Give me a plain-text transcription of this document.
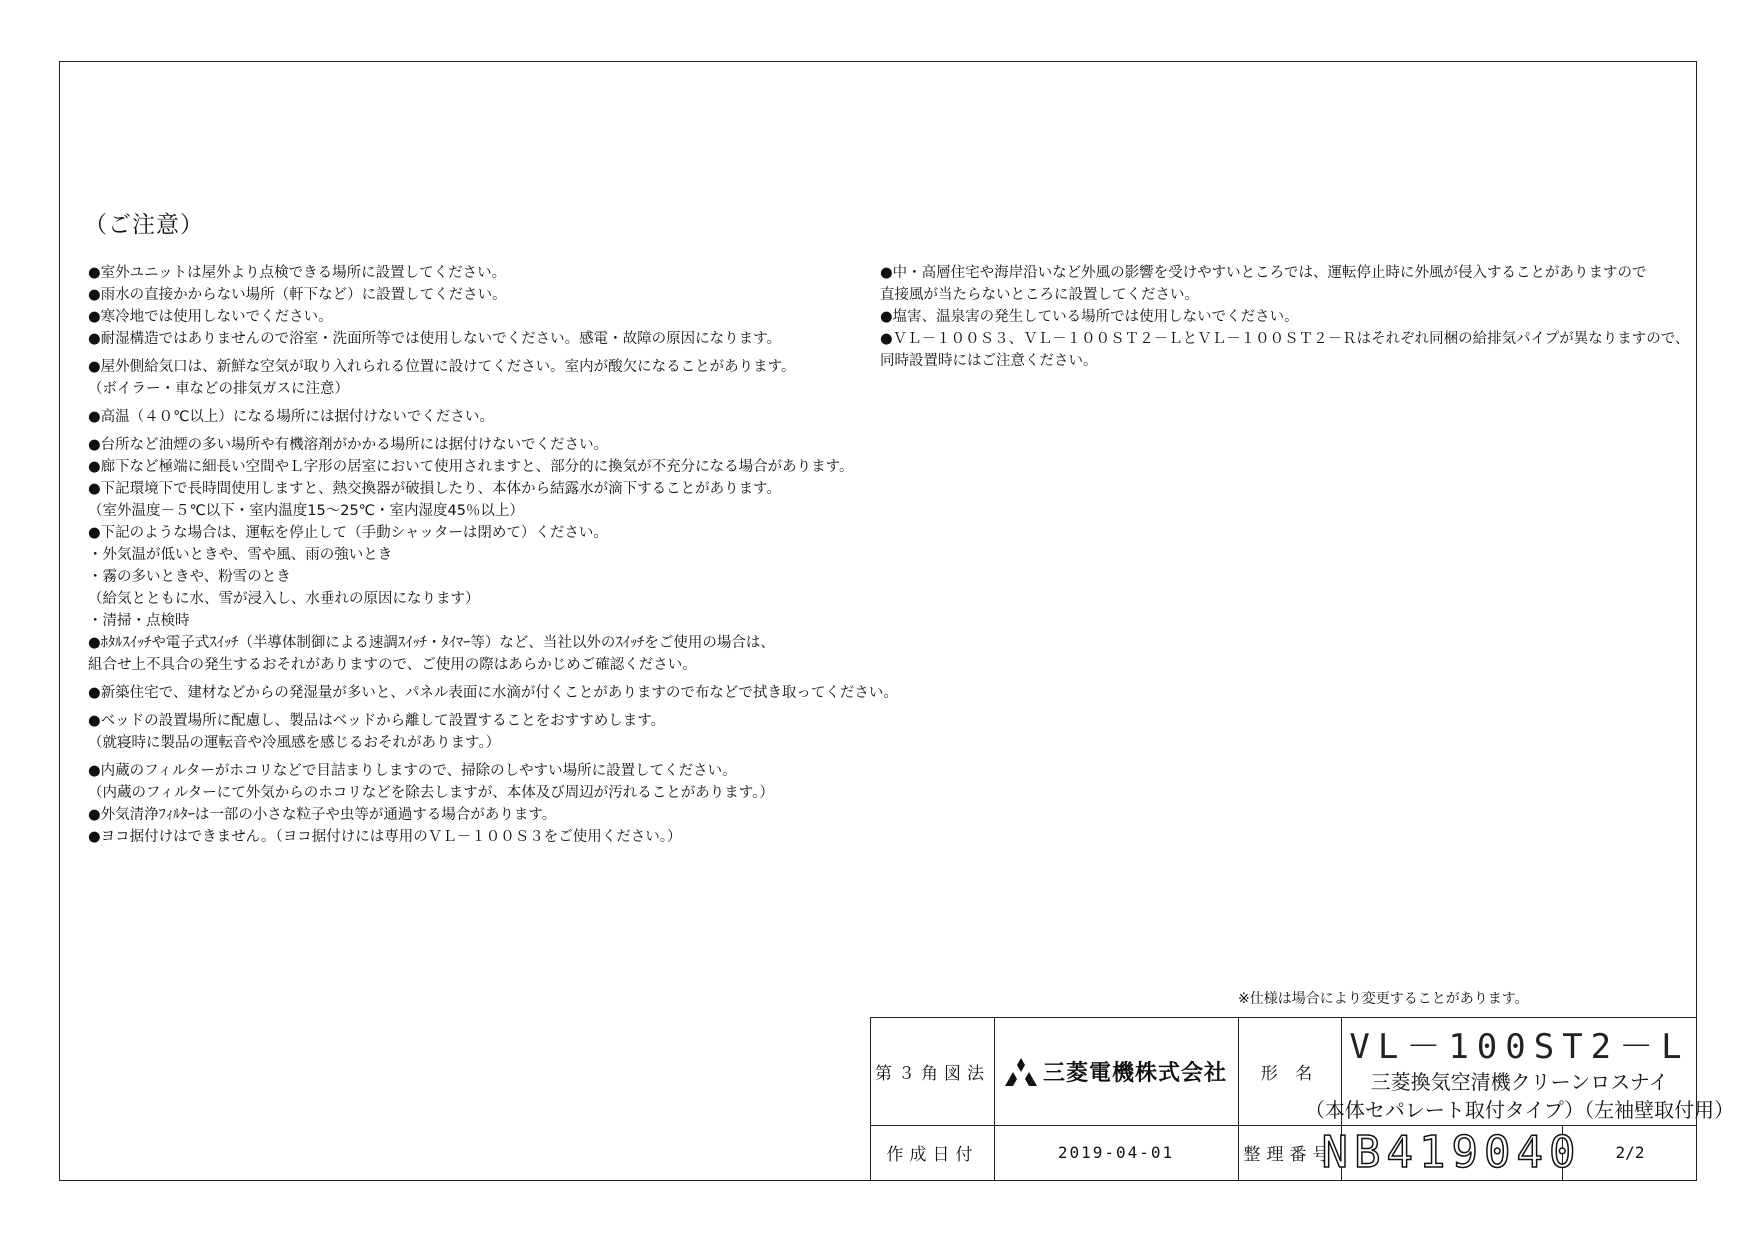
（ご注意）
●室外ユニットは屋外より点検できる場所に設置してください。
●雨水の直接かからない場所（軒下など）に設置してください。
●寒冷地では使用しないでください。
●耐湿構造ではありませんので浴室・洗面所等では使用しないでください。感電・故障の原因になります。
●屋外側給気口は、新鮮な空気が取り入れられる位置に設けてください。室内が酸欠になることがあります。
（ボイラー・車などの排気ガスに注意）
●高温（４０℃以上）になる場所には据付けないでください。
●台所など油煙の多い場所や有機溶剤がかかる場所には据付けないでください。
●廊下など極端に細長い空間やＬ字形の居室において使用されますと、部分的に換気が不充分になる場合があります。
●下記環境下で長時間使用しますと、熱交換器が破損したり、本体から結露水が滴下することがあります。
（室外温度－５℃以下・室内温度15～25℃・室内湿度45％以上）
●下記のような場合は、運転を停止して（手動シャッターは閉めて）ください。
・外気温が低いときや、雪や風、雨の強いとき
・霧の多いときや、粉雪のとき
（給気とともに水、雪が浸入し、水垂れの原因になります）
・清掃・点検時
●ﾎﾀﾙｽｲｯﾁや電子式ｽｲｯﾁ（半導体制御による速調ｽｲｯﾁ・ﾀｲﾏｰ等）など、当社以外のｽｲｯﾁをご使用の場合は、
組合せ上不具合の発生するおそれがありますので、ご使用の際はあらかじめご確認ください。
●新築住宅で、建材などからの発湿量が多いと、パネル表面に水滴が付くことがありますので布などで拭き取ってください。
●ベッドの設置場所に配慮し、製品はベッドから離して設置することをおすすめします。
（就寝時に製品の運転音や冷風感を感じるおそれがあります。）
●内蔵のフィルターがホコリなどで目詰まりしますので、掃除のしやすい場所に設置してください。
（内蔵のフィルターにて外気からのホコリなどを除去しますが、本体及び周辺が汚れることがあります。）
●外気清浄ﾌｨﾙﾀｰは一部の小さな粒子や虫等が通過する場合があります。
●ヨコ据付けはできません。（ヨコ据付けには専用のＶＬ－１００Ｓ３をご使用ください。）
●中・高層住宅や海岸沿いなど外風の影響を受けやすいところでは、運転停止時に外風が侵入することがありますので
直接風が当たらないところに設置してください。
●塩害、温泉害の発生している場所では使用しないでください。
●ＶＬ－１００Ｓ３、ＶＬ－１００ＳＴ２－ＬとＶＬ－１００ＳＴ２－Ｒはそれぞれ同梱の給排気パイプが異なりますので、
同時設置時にはご注意ください。
※仕様は場合により変更することがあります。
第３角図法 三菱電機株式会社 形 名
VL－100ST2－L
三菱換気空清機クリーンロスナイ
（本体セパレート取付タイプ）（左袖壁取付用）
作成日付	2019-04-01	整理番号
NB419040 2/2
